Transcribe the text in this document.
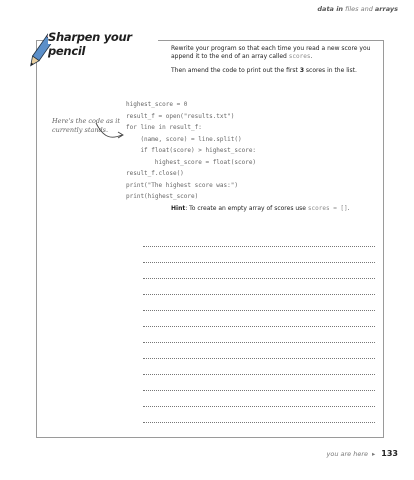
data in files and arrays
Sharpen your pencil	Rewrite your program so that each time you read a new score you append it to the end of an array called scores.

Then amend the code to print out the first 3 scores in the list.

Here's the code as it currently stands.
highest_score = 0
result_f = open("results.txt")
for line in result_f:
(name, score) = line.split()
if float(score) > highest_score:
highest_score = float(score)
result_f.close()
print("The highest score was:")
print(highest_score)
Hint: To create an empty array of scores use scores = [].
you are here ▸ 133
